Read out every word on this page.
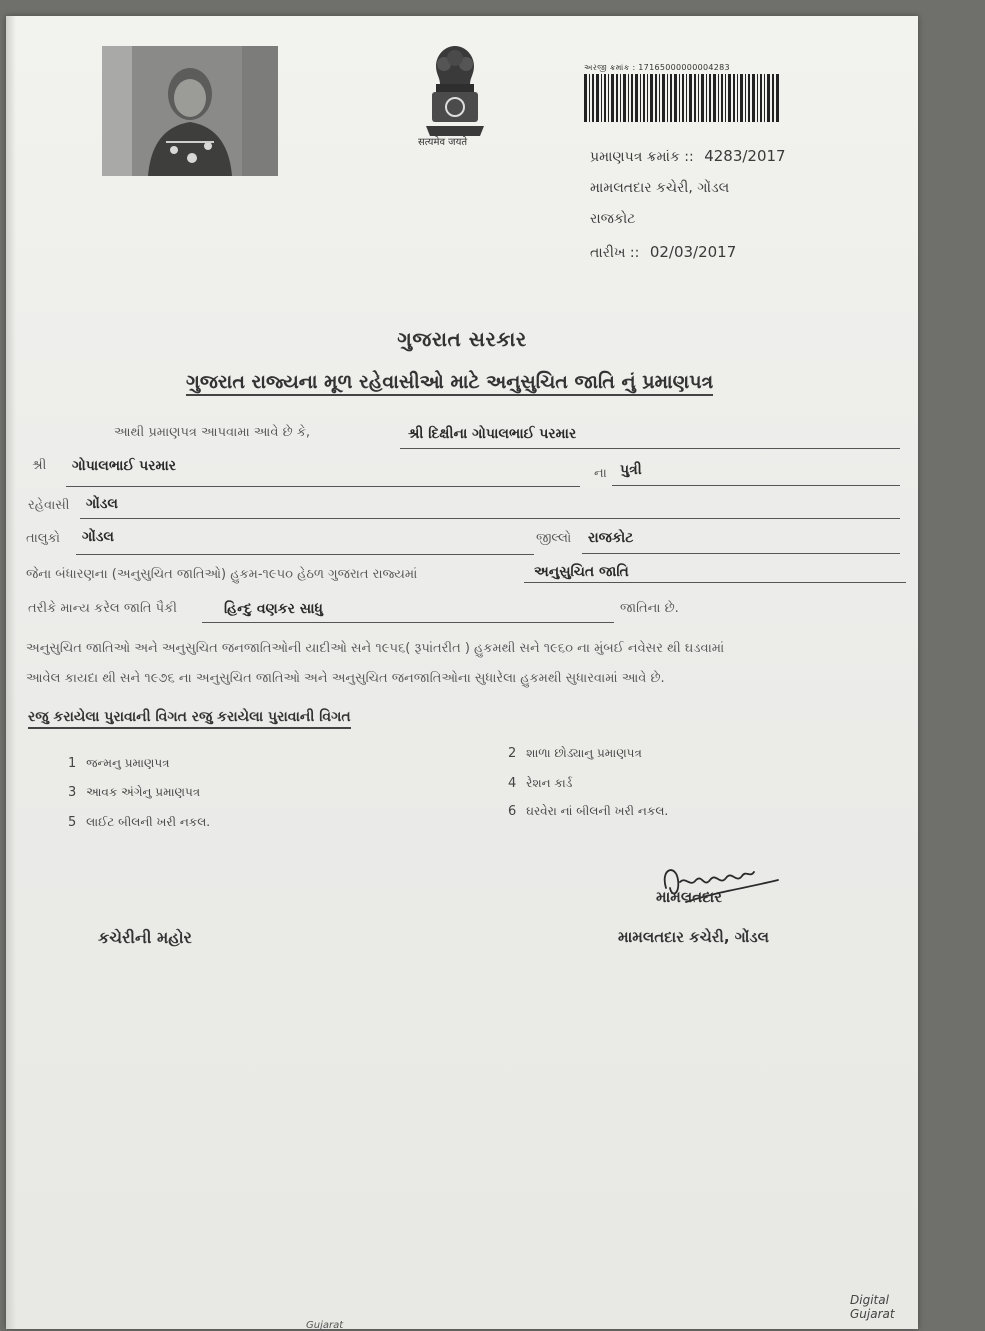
सत्यमेव जयते
અરજી ક્રમાંક : 17165000000004283
પ્રમાણપત્ર ક્રમાંક :: 4283/2017
મામલતદાર કચેરી, ગોંડલ
રાજકોટ
તારીખ :: 02/03/2017
ગુજરાત સરકાર
ગુજરાત રાજ્યના મૂળ રહેવાસીઓ માટે અનુસુચિત જાતિ નું પ્રમાણપત્ર
આથી પ્રમાણપત્ર આપવામા આવે છે કે,	શ્રી દિક્ષીના ગોપાલભાઈ પરમાર
શ્રી ગોપાલભાઈ પરમાર	ના પુત્રી
રહેવાસી ગોંડલ
તાલુકો ગોંડલ	જીલ્લો રાજકોટ
જેના બંધારણના (અનુસુચિત જાતિઓ) હુકમ-૧૯૫૦ હેઠળ ગુજરાત રાજ્યમાં	અનુસુચિત જાતિ
તરીકે માન્ય કરેલ જાતિ પૈકી	હિન્દુ વણકર સાધુ	જાતિના છે.
અનુસુચિત જાતિઓ અને અનુસુચિત જનજાતિઓની યાદીઓ સને ૧૯૫૬( રૂપાંતરીત ) હુકમથી સને ૧૯૬૦ ના મુંબઈ નવેસર થી ઘડવામાં
આવેલ કાયદા થી સને ૧૯૭૬ ના અનુસુચિત જાતિઓ અને અનુસુચિત જનજાતિઓના સુધારેલા હુકમથી સુધારવામાં આવે છે.
રજુ કરાયેલા પુરાવાની વિગત રજુ કરાયેલા પુરાવાની વિગત
1 જન્મનુ પ્રમાણપત્ર
2 શાળા છોડ્યાનુ પ્રમાણપત્ર
3 આવક અંગેનુ પ્રમાણપત્ર
4 રેશન કાર્ડ
5 લાઈટ બીલની ખરી નકલ.
6 ઘરવેરા નાં બીલની ખરી નકલ.
મામલતદાર
કચેરીની મહોર	મામલતદાર કચેરી, ગોંડલ
Digital Gujarat
Gujarat
